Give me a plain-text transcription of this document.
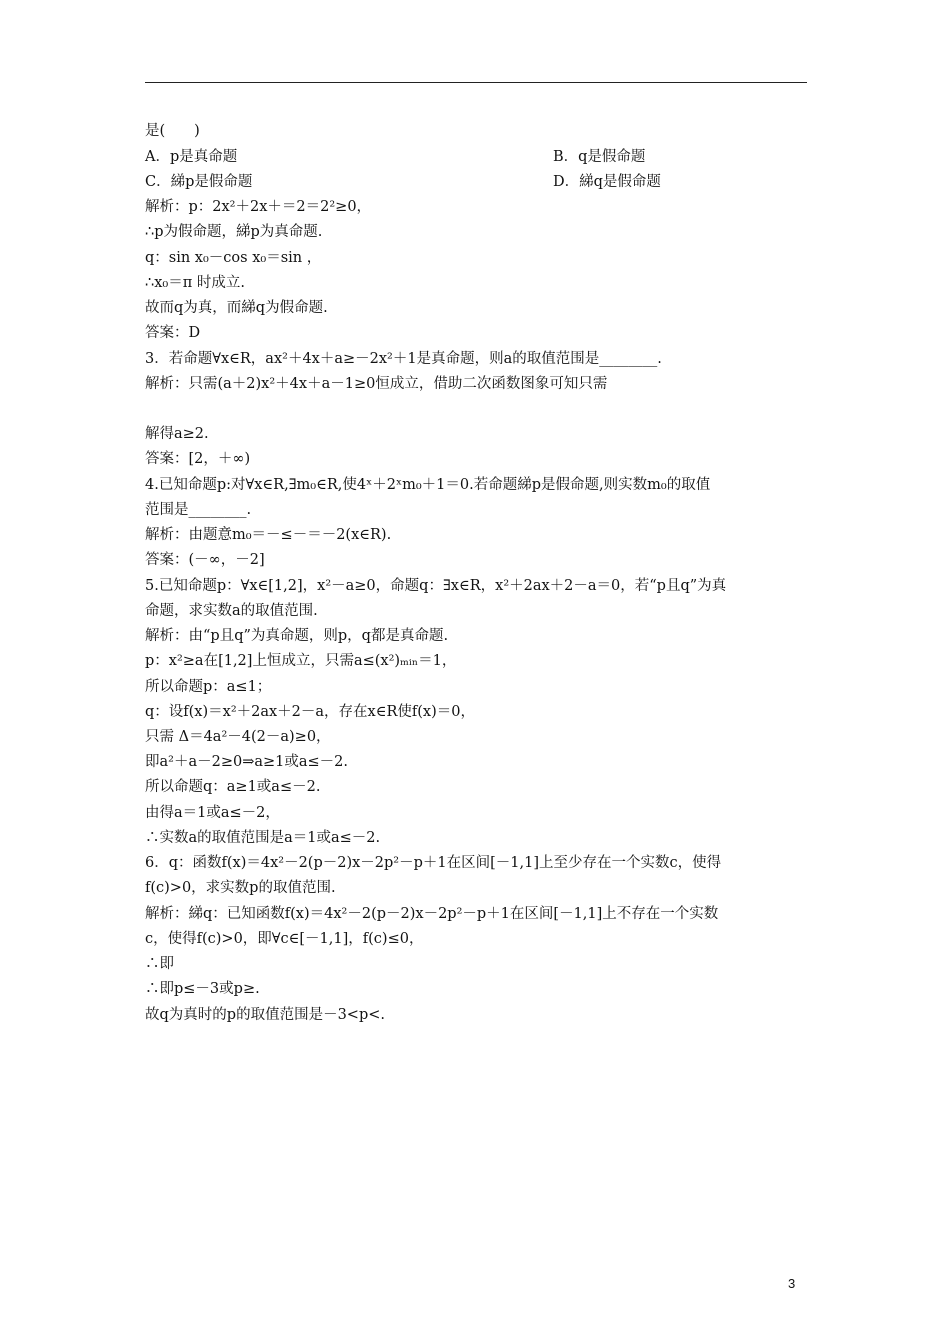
是(　　)
A．p是真命题	B．q是假命题
C．綈p是假命题	D．綈q是假命题
解析：p：2x²＋2x＋＝2＝2²≥0，
∴p为假命题，綈p为真命题.
q：sin x₀－cos x₀＝sin ，
∴x₀＝π 时成立.
故而q为真，而綈q为假命题.
答案：D
3．若命题∀x∈R，ax²＋4x＋a≥－2x²＋1是真命题，则a的取值范围是________.
解析：只需(a＋2)x²＋4x＋a－1≥0恒成立，借助二次函数图象可知只需
解得a≥2.
答案：[2，＋∞)
4.已知命题p:对∀x∈R,∃m₀∈R,使4ˣ＋2ˣm₀＋1＝0.若命题綈p是假命题,则实数m₀的取值
范围是________.
解析：由题意m₀＝－≤－＝－2(x∈R).
答案：(－∞，－2]
5.已知命题p：∀x∈[1,2]，x²－a≥0，命题q：∃x∈R，x²＋2ax＋2－a＝0，若“p且q”为真
命题，求实数a的取值范围.
解析：由“p且q”为真命题，则p，q都是真命题.
p：x²≥a在[1,2]上恒成立，只需a≤(x²)ₘᵢₙ＝1，
所以命题p：a≤1；
q：设f(x)＝x²＋2ax＋2－a，存在x∈R使f(x)＝0，
只需 Δ＝4a²－4(2－a)≥0，
即a²＋a－2≥0⇒a≥1或a≤－2.
所以命题q：a≥1或a≤－2.
由得a＝1或a≤－2，
∴实数a的取值范围是a＝1或a≤－2.
6．q：函数f(x)＝4x²－2(p－2)x－2p²－p＋1在区间[－1,1]上至少存在一个实数c，使得
f(c)>0，求实数p的取值范围.
解析：綈q：已知函数f(x)＝4x²－2(p－2)x－2p²－p＋1在区间[－1,1]上不存在一个实数
c，使得f(c)>0，即∀c∈[－1,1]，f(c)≤0，
∴即
∴即p≤－3或p≥.
故q为真时的p的取值范围是－3<p<.
3
